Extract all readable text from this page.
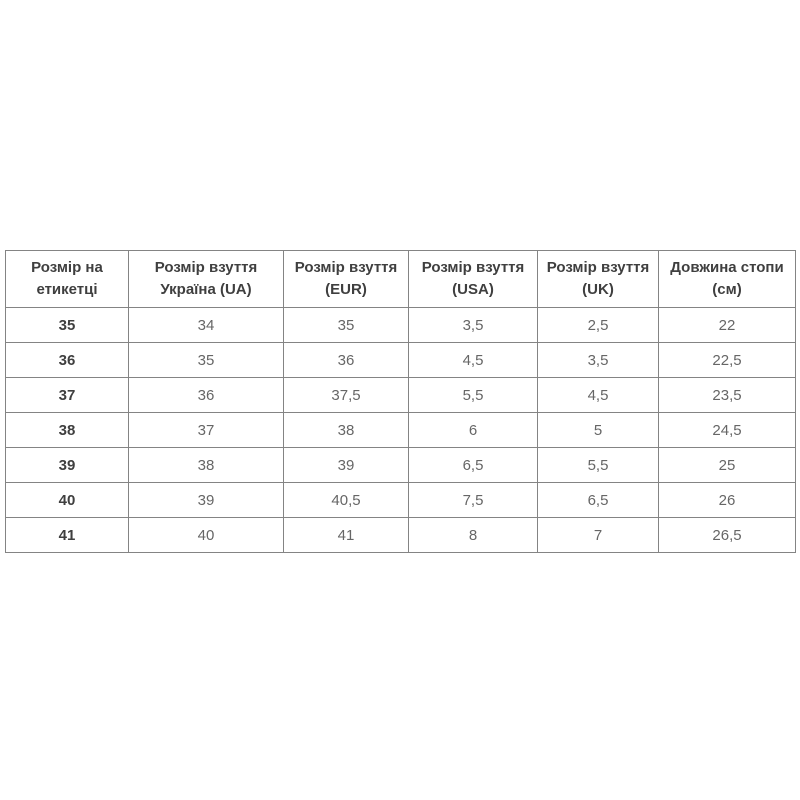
Розмір на етикетці	Розмір взуття Україна (UA)	Розмір взуття (EUR)	Розмір взуття (USA)	Розмір взуття (UK)	Довжина стопи (см)
35	34	35	3,5	2,5	22
36	35	36	4,5	3,5	22,5
37	36	37,5	5,5	4,5	23,5
38	37	38	6	5	24,5
39	38	39	6,5	5,5	25
40	39	40,5	7,5	6,5	26
41	40	41	8	7	26,5
